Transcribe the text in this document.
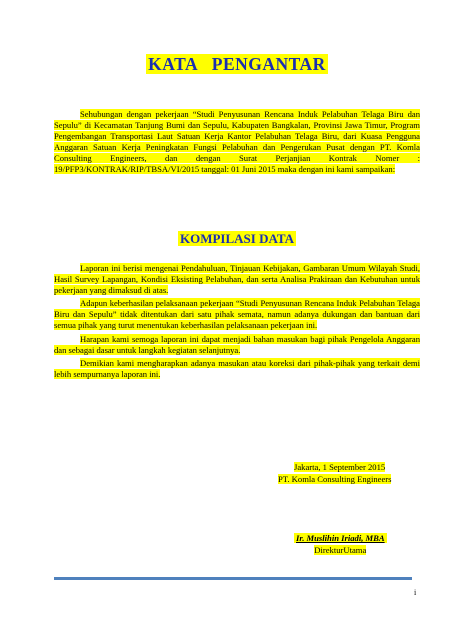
KATA   PENGANTAR
Sehubungan dengan pekerjaan “Studi Penyusunan Rencana Induk Pelabuhan Telaga Biru dan Sepulu” di Kecamatan Tanjung Bumi dan Sepulu, Kabupaten Bangkalan, Provinsi Jawa Timur, Program Pengembangan Transportasi Laut Satuan Kerja Kantor Pelabuhan Telaga Biru, dari Kuasa Pengguna Anggaran Satuan Kerja Peningkatan Fungsi Pelabuhan dan Pengerukan Pusat dengan PT. Komla Consulting Engineers, dan dengan Surat Perjanjian Kontrak Nomer : 19/PFP3/KONTRAK/RIP/TBSA/VI/2015 tanggal: 01 Juni 2015 maka dengan ini kami sampaikan:
KOMPILASI DATA

Laporan ini berisi mengenai Pendahuluan, Tinjauan Kebijakan, Gambaran Umum Wilayah Studi, Hasil Survey Lapangan, Kondisi Eksisting Pelabuhan, dan serta Analisa Prakiraan dan Kebutuhan untuk pekerjaan yang dimaksud di atas.

Adapun keberhasilan pelaksanaan pekerjaan “Studi Penyusunan Rencana Induk Pelabuhan Telaga Biru dan Sepulu” tidak ditentukan dari satu pihak semata, namun adanya dukungan dan bantuan dari semua pihak yang turut menentukan keberhasilan pelaksanaan pekerjaan ini.

Harapan kami semoga laporan ini dapat menjadi bahan masukan bagi pihak Pengelola Anggaran dan sebagai dasar untuk langkah kegiatan selanjutnya.

Demikian kami mengharapkan adanya masukan atau koreksi dari pihak-pihak yang terkait demi lebih sempurnanya laporan ini.

Jakarta, 1 September 2015
PT. Komla Consulting Engineers
Ir. Muslihin Iriadi, MBA
DirekturUtama
i
